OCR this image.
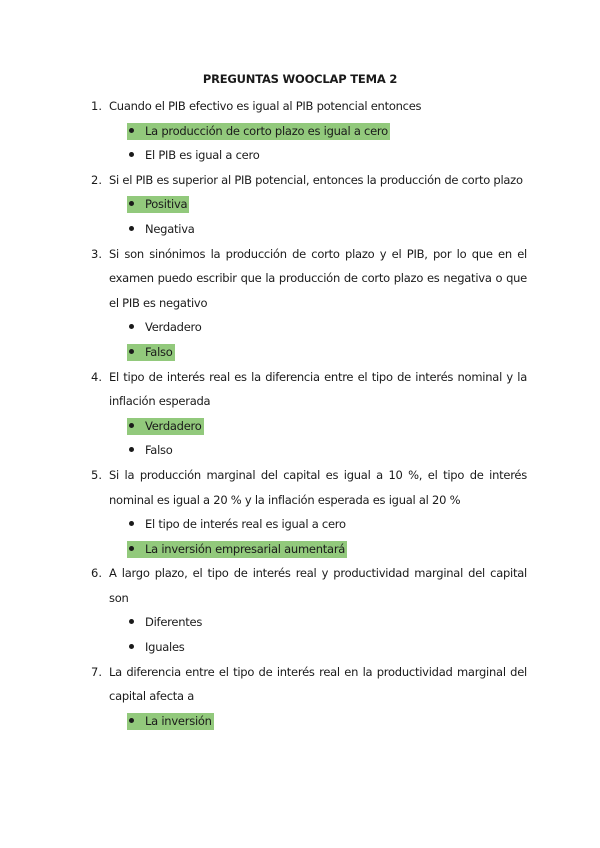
PREGUNTAS WOOCLAP TEMA 2
1. Cuando el PIB efectivo es igual al PIB potencial entonces
La producción de corto plazo es igual a cero
El PIB es igual a cero
2. Si el PIB es superior al PIB potencial, entonces la producción de corto plazo
Positiva
Negativa
3. Si son sinónimos la producción de corto plazo y el PIB, por lo que en el examen puedo escribir que la producción de corto plazo es negativa o que el PIB es negativo
Verdadero
Falso
4. El tipo de interés real es la diferencia entre el tipo de interés nominal y la inflación esperada
Verdadero
Falso
5. Si la producción marginal del capital es igual a 10 %, el tipo de interés nominal es igual a 20 % y la inflación esperada es igual al 20 %
El tipo de interés real es igual a cero
La inversión empresarial aumentará
6. A largo plazo, el tipo de interés real y productividad marginal del capital son
Diferentes
Iguales
7. La diferencia entre el tipo de interés real en la productividad marginal del capital afecta a
La inversión
